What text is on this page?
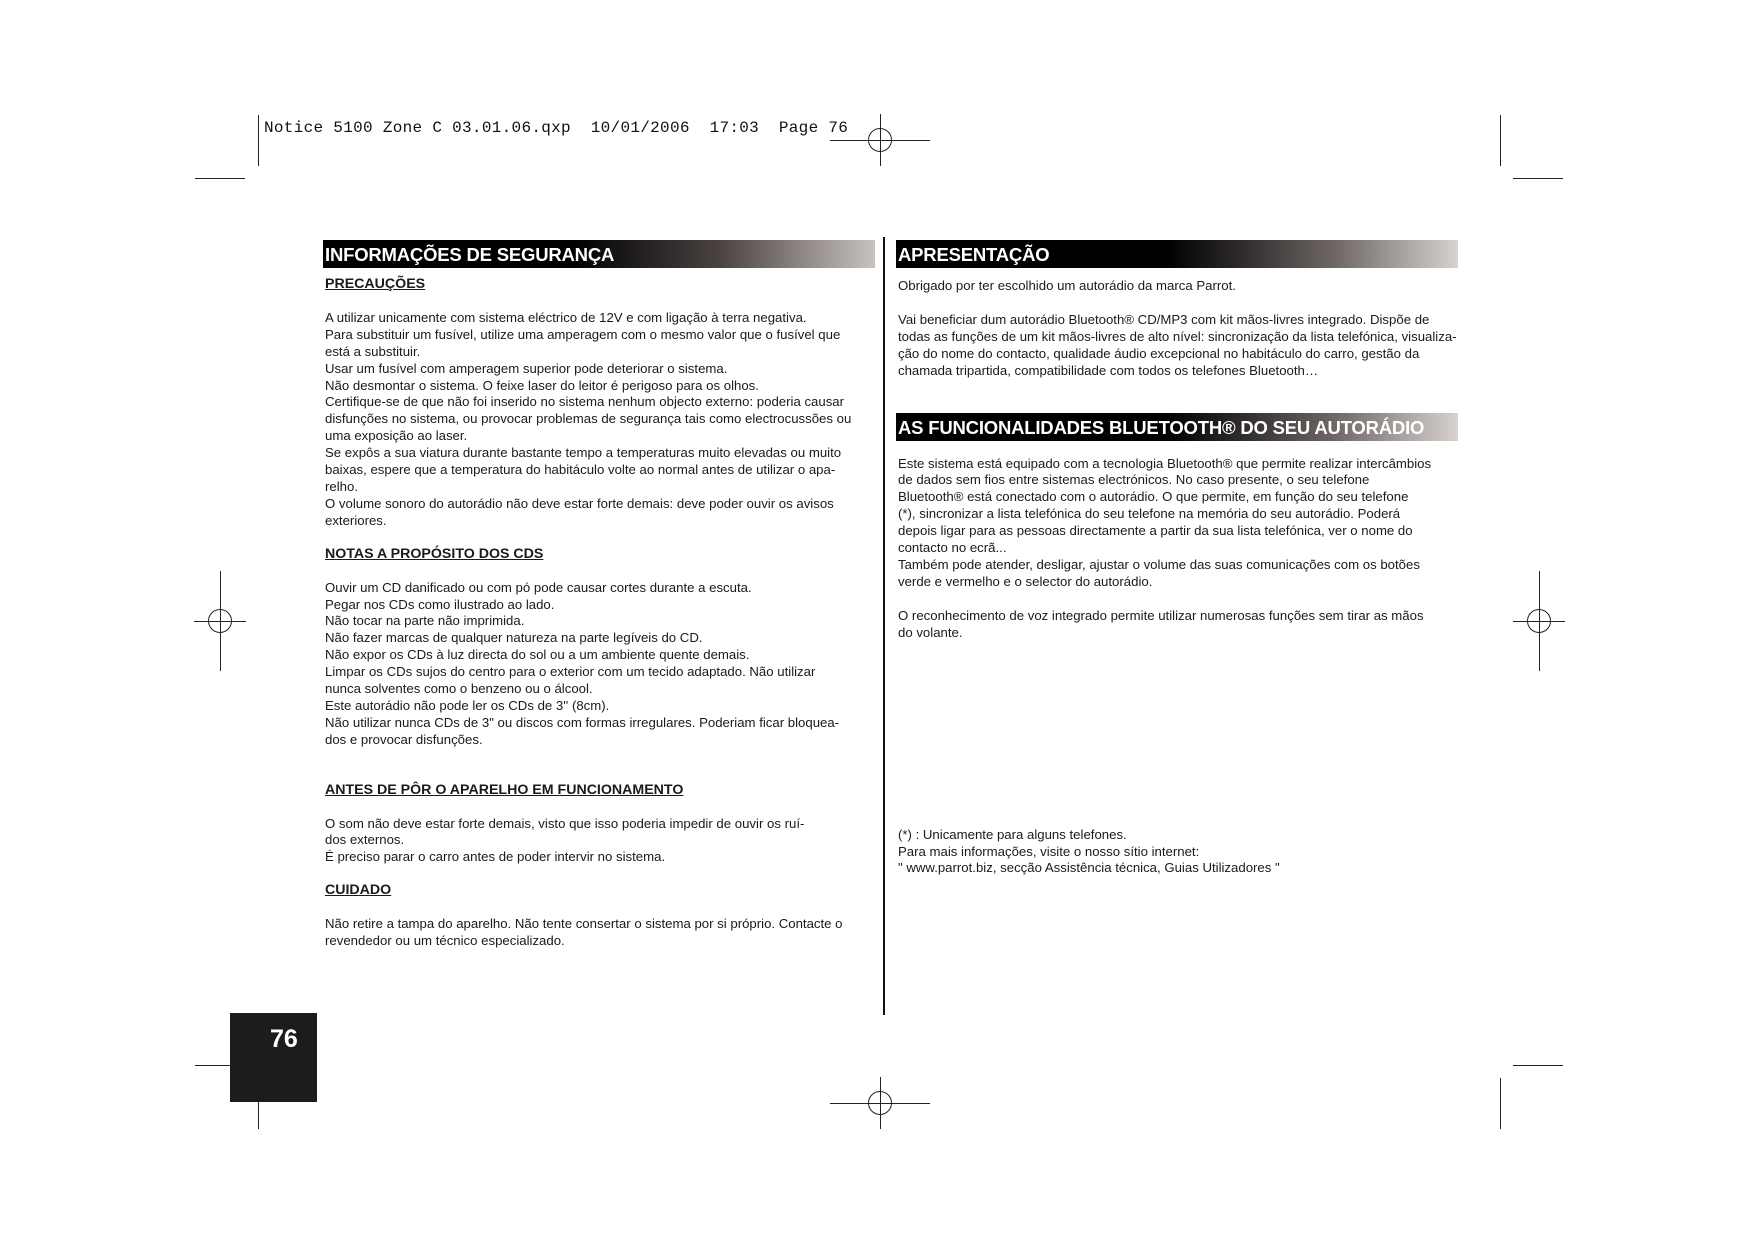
Notice 5100 Zone C 03.01.06.qxp  10/01/2006  17:03  Page 76
INFORMAÇÕES DE SEGURANÇA

PRECAUÇÕES

A utilizar unicamente com sistema eléctrico de 12V e com ligação à terra negativa.

Para substituir um fusível, utilize uma amperagem com o mesmo valor que o fusível que

está a substituir.

Usar um fusível com amperagem superior pode deteriorar o sistema.

Não desmontar o sistema. O feixe laser do leitor é perigoso para os olhos.

Certifique-se de que não foi inserido no sistema nenhum objecto externo: poderia causar

disfunções no sistema, ou provocar problemas de segurança tais como electrocussões ou

uma exposição ao laser.

Se expôs a sua viatura durante bastante tempo a temperaturas muito elevadas ou muito

baixas, espere que a temperatura do habitáculo volte ao normal antes de utilizar o apa-

relho.

O volume sonoro do autorádio não deve estar forte demais: deve poder ouvir os avisos

exteriores.

NOTAS A PROPÓSITO DOS CDS

Ouvir um CD danificado ou com pó pode causar cortes durante a escuta.

Pegar nos CDs como ilustrado ao lado.

Não tocar na parte não imprimida.

Não fazer marcas de qualquer natureza na parte legíveis do CD.

Não expor os CDs à luz directa do sol ou a um ambiente quente demais.

Limpar os CDs sujos do centro para o exterior com um tecido adaptado. Não utilizar

nunca solventes como o benzeno ou o álcool.

Este autorádio não pode ler os CDs de 3'' (8cm).

Não utilizar nunca CDs de 3" ou discos com formas irregulares. Poderiam ficar bloquea-

dos e provocar disfunções.

ANTES DE PÔR O APARELHO EM FUNCIONAMENTO

O som não deve estar forte demais, visto que isso poderia impedir de ouvir os ruí-

dos externos.

É preciso parar o carro antes de poder intervir no sistema.

CUIDADO

Não retire a tampa do aparelho. Não tente consertar o sistema por si próprio. Contacte o

revendedor ou um técnico especializado.

APRESENTAÇÃO

Obrigado por ter escolhido um autorádio da marca Parrot.

Vai beneficiar dum autorádio Bluetooth® CD/MP3 com kit mãos-livres integrado. Dispõe de

todas as funções de um kit mãos-livres de alto nível: sincronização da lista telefónica, visualiza-

ção do nome do contacto, qualidade áudio excepcional no habitáculo do carro, gestão da

chamada tripartida, compatibilidade com todos os telefones Bluetooth…

AS FUNCIONALIDADES BLUETOOTH® DO SEU AUTORÁDIO

Este sistema está equipado com a tecnologia Bluetooth® que permite realizar intercâmbios

de dados sem fios entre sistemas electrónicos. No caso presente, o seu telefone

Bluetooth® está conectado com o autorádio. O que permite, em função do seu telefone

(*), sincronizar a lista telefónica do seu telefone na memória do seu autorádio. Poderá

depois ligar para as pessoas directamente a partir da sua lista telefónica, ver o nome do

contacto no ecrã...

Também pode atender, desligar, ajustar o volume das suas comunicações com os botões

verde e vermelho e o selector do autorádio.

O reconhecimento de voz integrado permite utilizar numerosas funções sem tirar as mãos

do volante.

(*) : Unicamente para alguns telefones.

Para mais informações, visite o nosso sítio internet:

" www.parrot.biz, secção Assistência técnica, Guias Utilizadores "

76
